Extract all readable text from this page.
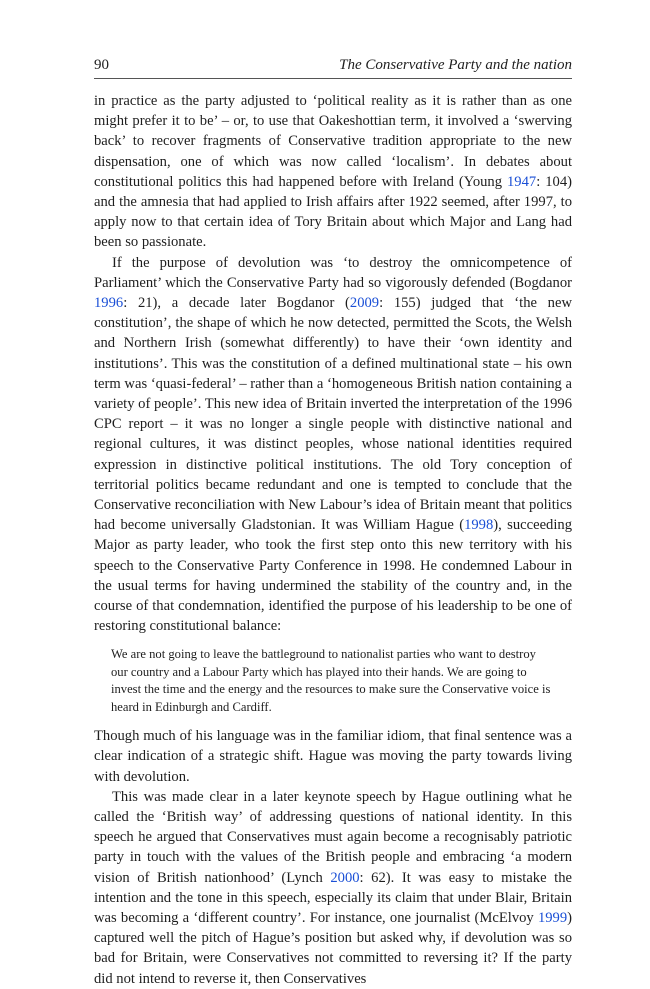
90	The Conservative Party and the nation

in practice as the party adjusted to ‘political reality as it is rather than as one might prefer it to be’ – or, to use that Oakeshottian term, it involved a ‘swerving back’ to recover fragments of Conservative tradition appropriate to the new dispensation, one of which was now called ‘localism’. In debates about constitutional politics this had happened before with Ireland (Young 1947: 104) and the amnesia that had applied to Irish affairs after 1922 seemed, after 1997, to apply now to that certain idea of Tory Britain about which Major and Lang had been so passionate.

If the purpose of devolution was ‘to destroy the omnicompetence of Parliament’ which the Conservative Party had so vigorously defended (Bogdanor 1996: 21), a decade later Bogdanor (2009: 155) judged that ‘the new constitution’, the shape of which he now detected, permitted the Scots, the Welsh and Northern Irish (somewhat differently) to have their ‘own identity and institutions’. This was the constitution of a defined multinational state – his own term was ‘quasi-federal’ – rather than a ‘homogeneous British nation containing a variety of people’. This new idea of Britain inverted the interpretation of the 1996 CPC report – it was no longer a single people with distinctive national and regional cultures, it was distinct peoples, whose national identities required expression in distinctive political institutions. The old Tory conception of territorial politics became redundant and one is tempted to conclude that the Conservative reconciliation with New Labour’s idea of Britain meant that politics had become universally Gladstonian. It was William Hague (1998), succeeding Major as party leader, who took the first step onto this new territory with his speech to the Conservative Party Conference in 1998. He condemned Labour in the usual terms for having undermined the stability of the country and, in the course of that condemnation, identified the purpose of his leadership to be one of restoring constitutional balance:

We are not going to leave the battleground to nationalist parties who want to destroy our country and a Labour Party which has played into their hands. We are going to invest the time and the energy and the resources to make sure the Conservative voice is heard in Edinburgh and Cardiff.

Though much of his language was in the familiar idiom, that final sentence was a clear indication of a strategic shift. Hague was moving the party towards living with devolution.

This was made clear in a later keynote speech by Hague outlining what he called the ‘British way’ of addressing questions of national identity. In this speech he argued that Conservatives must again become a recognisably patriotic party in touch with the values of the British people and embracing ‘a modern vision of British nationhood’ (Lynch 2000: 62). It was easy to mistake the intention and the tone in this speech, especially its claim that under Blair, Britain was becoming a ‘different country’. For instance, one journalist (McElvoy 1999) captured well the pitch of Hague’s position but asked why, if devolution was so bad for Britain, were Conservatives not committed to reversing it? If the party did not intend to reverse it, then Conservatives
